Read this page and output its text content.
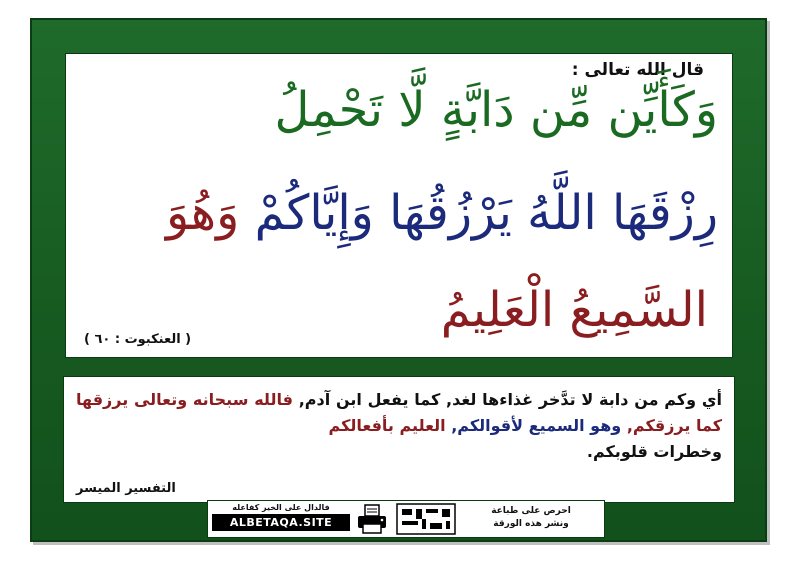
قال الله تعالى :
وَكَأَيِّن مِّن دَابَّةٍ لَّا تَحْمِلُ
رِزْقَهَا اللَّهُ يَرْزُقُهَا وَإِيَّاكُمْ وَهُوَ
السَّمِيعُ الْعَلِيمُ
( العنكبوت : ٦٠ )
أي وكم من دابة لا تدَّخر غذاءها لغد, كما يفعل ابن آدم, فالله سبحانه وتعالى يرزقها كما يرزقكم, وهو السميع لأقوالكم, العليم بأفعالكم
وخطرات قلوبكم.
التفسير الميسر
فالدال على الخير كفاعله
ALBETAQA.SITE
احرص على طباعة
ونشر هذه الورقة
